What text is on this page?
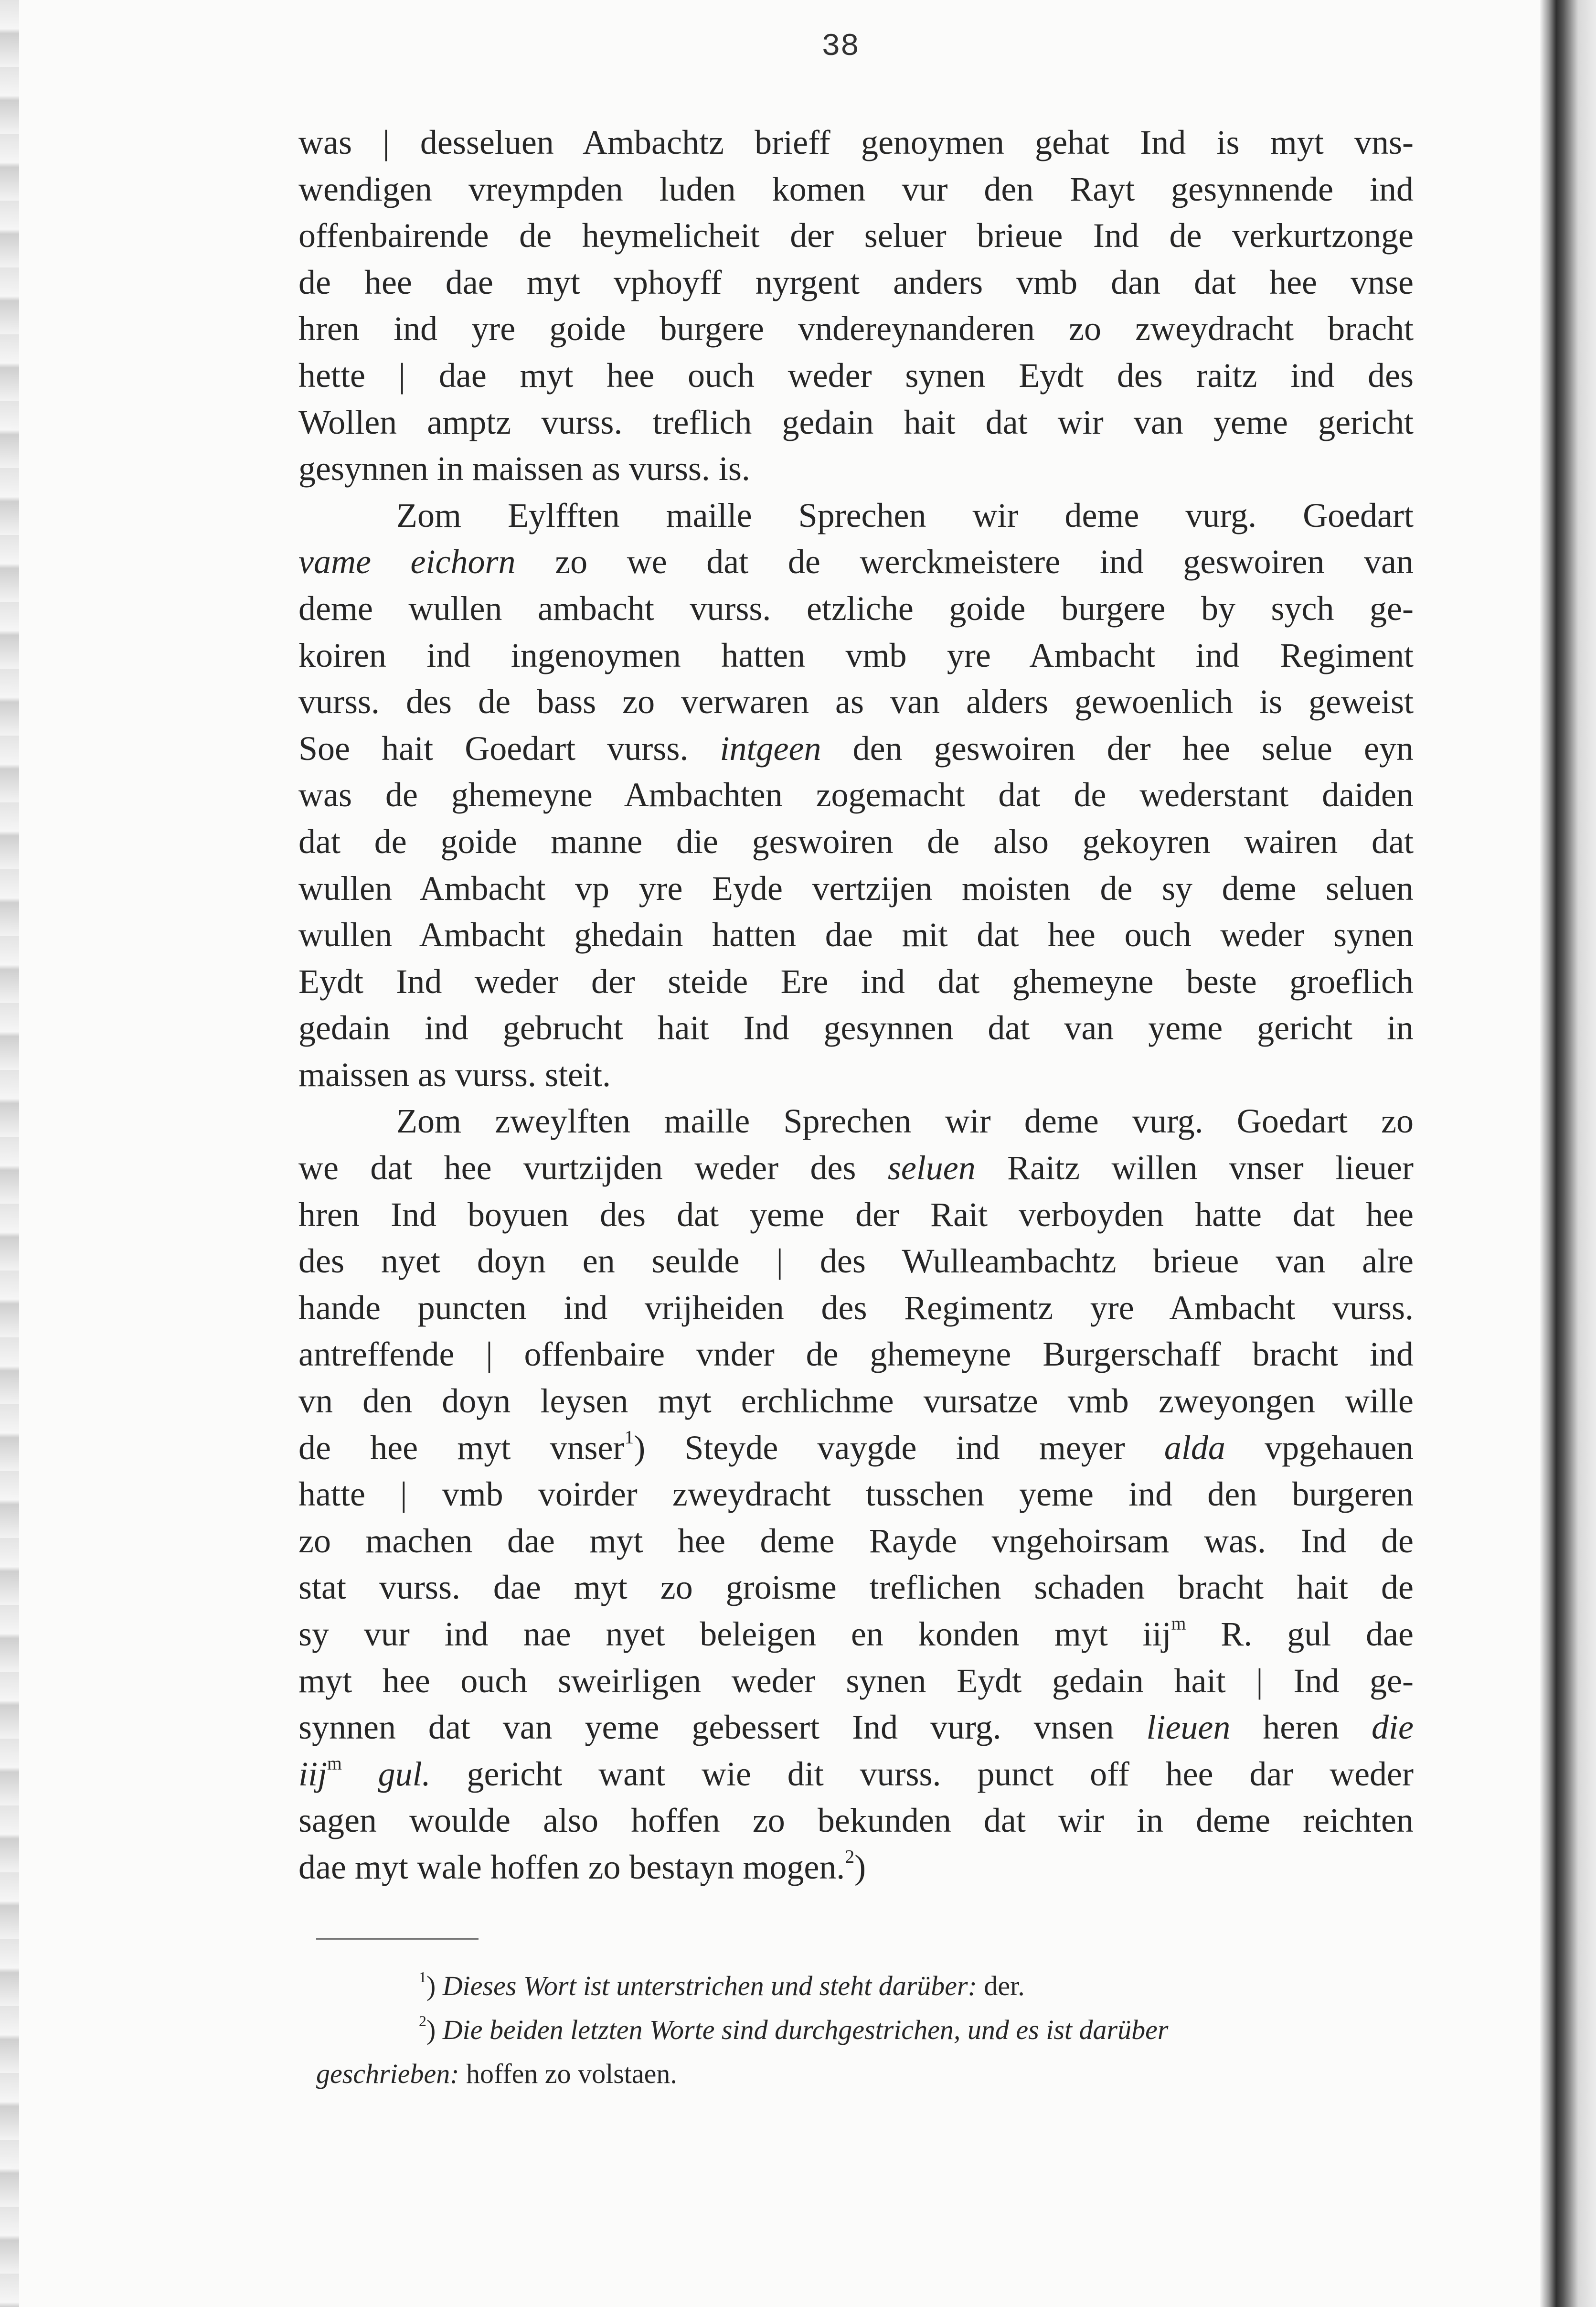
38
was | desseluen Ambachtz brieff genoymen gehat Ind is myt vns-
wendigen vreympden luden komen vur den Rayt gesynnende ind
offenbairende de heymelicheit der seluer brieue Ind de verkurtzonge
de hee dae myt vphoyff nyrgent anders vmb dan dat hee vnse
hren ind yre goide burgere vndereynanderen zo zweydracht bracht
hette | dae myt hee ouch weder synen Eydt des raitz ind des
Wollen amptz vurss. treflich gedain hait dat wir van yeme gericht
gesynnen in maissen as vurss. is.
Zom Eylfften maille Sprechen wir deme vurg. Goedart
vame eichorn zo we dat de werckmeistere ind geswoiren van
deme wullen ambacht vurss. etzliche goide burgere by sych ge-
koiren ind ingenoymen hatten vmb yre Ambacht ind Regiment
vurss. des de bass zo verwaren as van alders gewoenlich is geweist
Soe hait Goedart vurss. intgeen den geswoiren der hee selue eyn
was de ghemeyne Ambachten zogemacht dat de wederstant daiden
dat de goide manne die geswoiren de also gekoyren wairen dat
wullen Ambacht vp yre Eyde vertzijen moisten de sy deme seluen
wullen Ambacht ghedain hatten dae mit dat hee ouch weder synen
Eydt Ind weder der steide Ere ind dat ghemeyne beste groeflich
gedain ind gebrucht hait Ind gesynnen dat van yeme gericht in
maissen as vurss. steit.
Zom zweylften maille Sprechen wir deme vurg. Goedart zo
we dat hee vurtzijden weder des seluen Raitz willen vnser lieuer
hren Ind boyuen des dat yeme der Rait verboyden hatte dat hee
des nyet doyn en seulde | des Wulleambachtz brieue van alre
hande puncten ind vrijheiden des Regimentz yre Ambacht vurss.
antreffende | offenbaire vnder de ghemeyne Burgerschaff bracht ind
vn den doyn leysen myt erchlichme vursatze vmb zweyongen wille
de hee myt vnser$^1$) Steyde vaygde ind meyer alda vpgehauen
hatte | vmb voirder zweydracht tusschen yeme ind den burgeren
zo machen dae myt hee deme Rayde vngehoirsam was. Ind de
stat vurss. dae myt zo groisme treflichen schaden bracht hait de
sy vur ind nae nyet beleigen en konden myt iij$^m$ R. gul dae
myt hee ouch sweirligen weder synen Eydt gedain hait | Ind ge-
synnen dat van yeme gebessert Ind vurg. vnsen lieuen heren die
iij$^m$ gul. gericht want wie dit vurss. punct off hee dar weder
sagen woulde also hoffen zo bekunden dat wir in deme reichten
dae myt wale hoffen zo bestayn mogen.$^2$)
$^1$) Dieses Wort ist unterstrichen und steht darüber: der.
$^2$) Die beiden letzten Worte sind durchgestrichen, und es ist darüber
geschrieben: hoffen zo volstaen.
